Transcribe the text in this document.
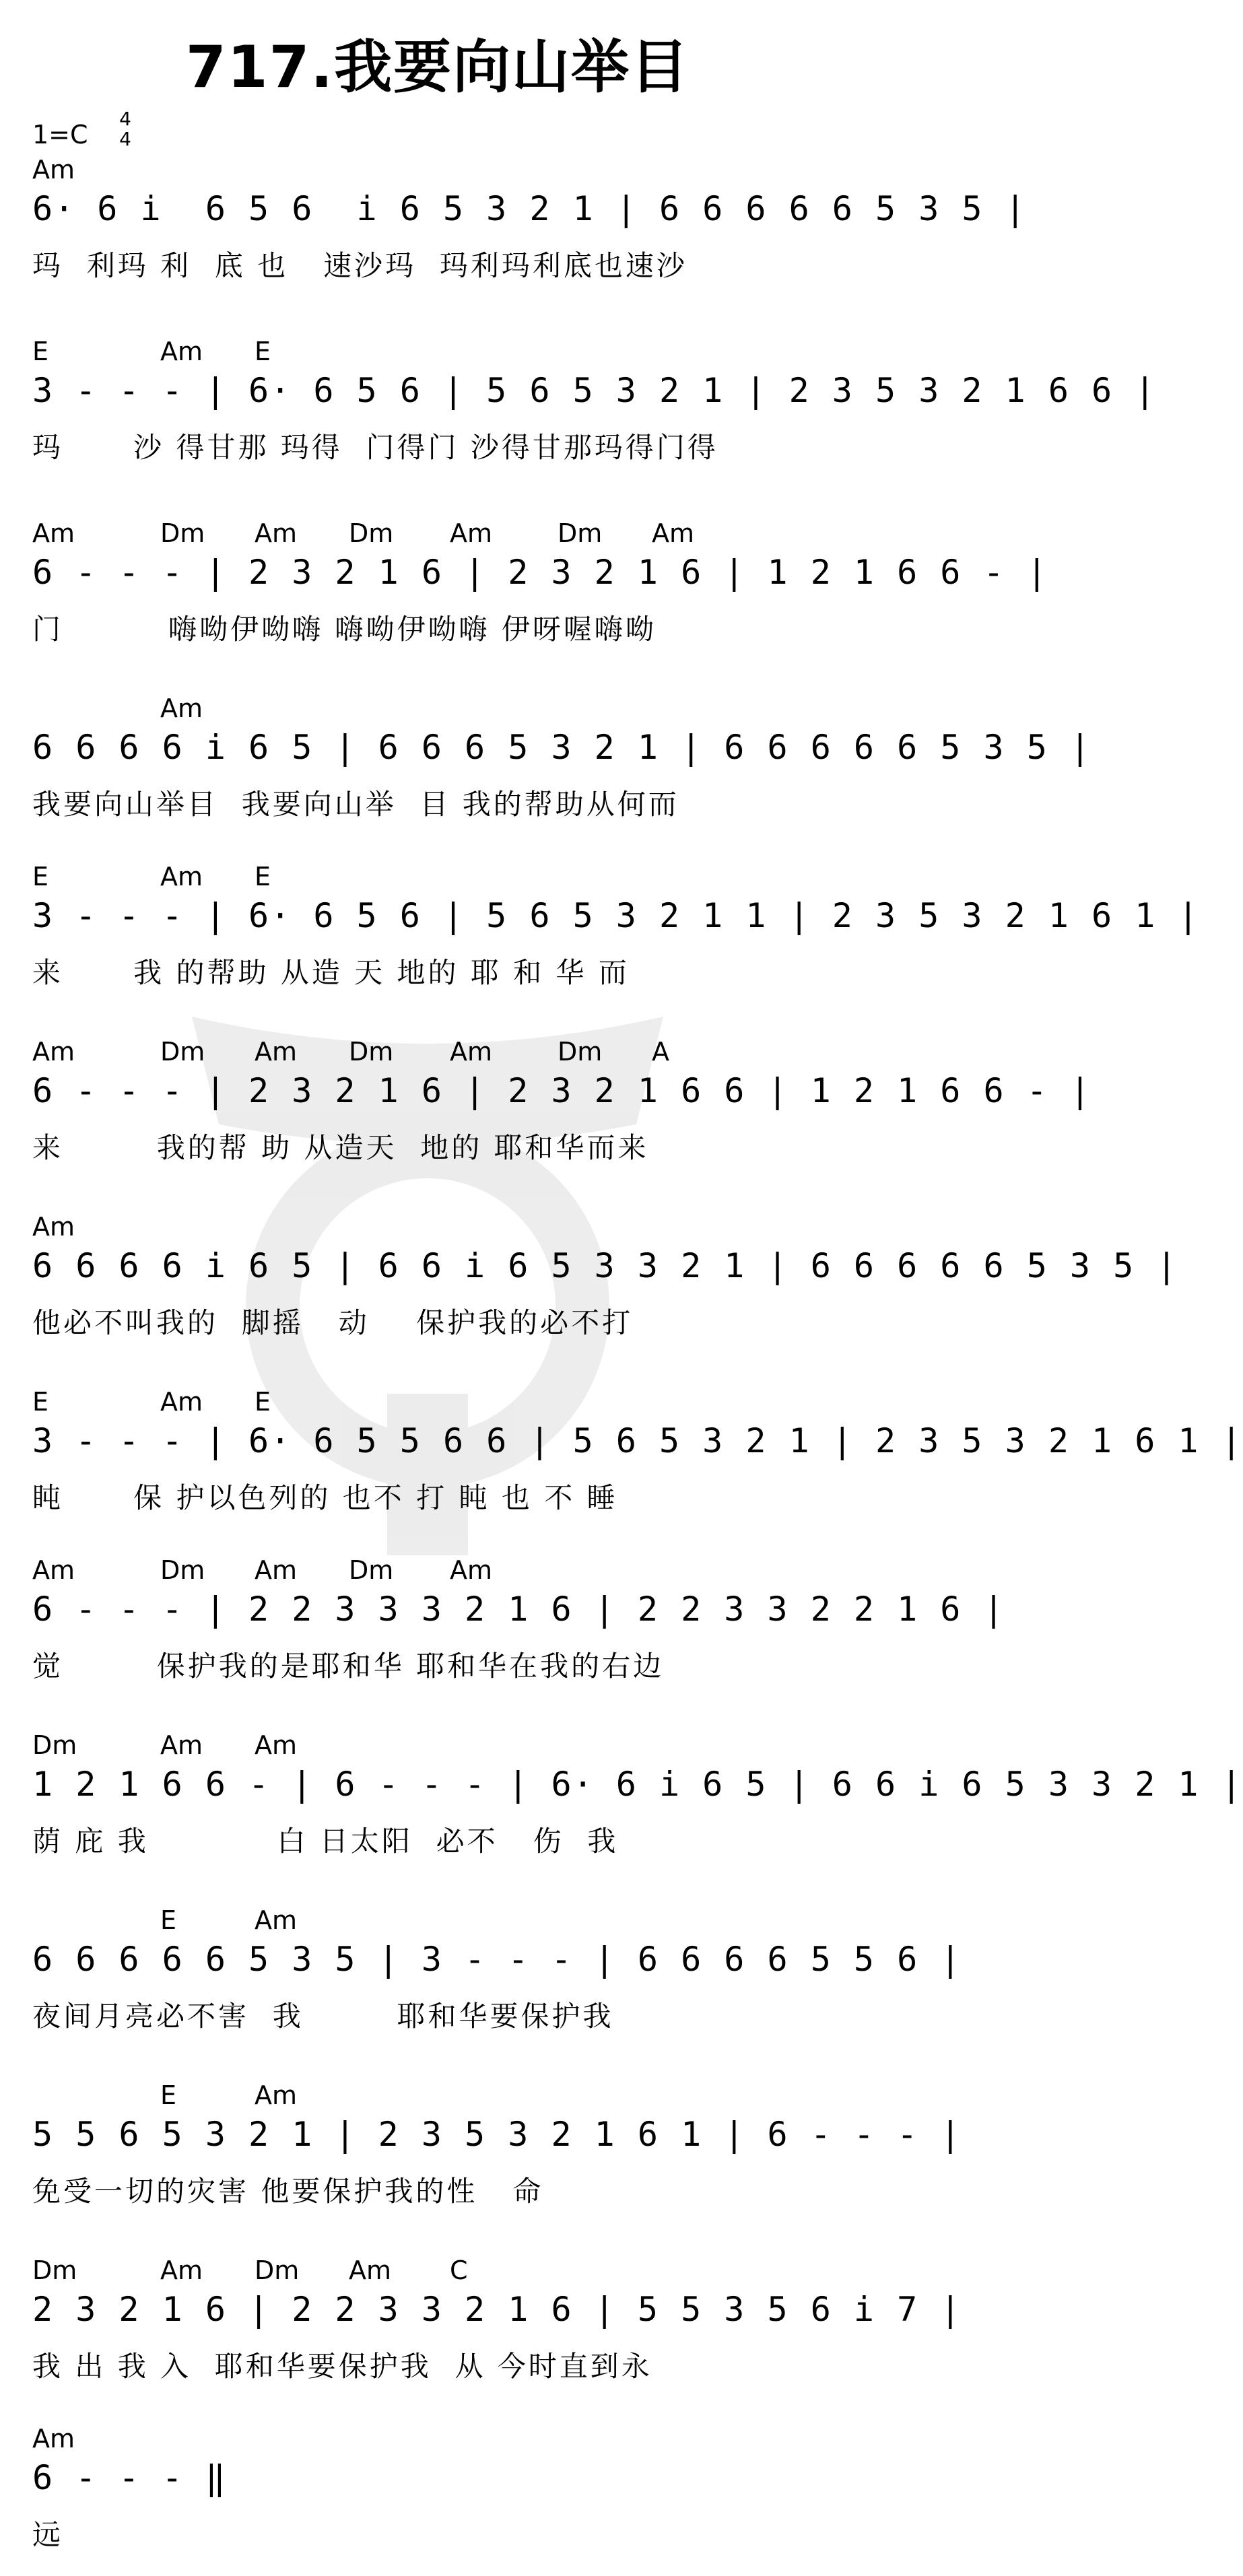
717.我要向山举目
1=C
4
4
Am
6· 6 i  6 5 6  i 6 5 3 2 1 | 6 6 6 6 6 5 3 5 |
玛  利玛 利  底 也   速沙玛  玛利玛利底也速沙
E	Am E
3 - - - | 6· 6 5 6 | 5 6 5 3 2 1 | 2 3 5 3 2 1 6 6 |
玛      沙 得甘那 玛得  门得门 沙得甘那玛得门得
Am	Dm Am Dm Am	Dm Am
6 - - - | 2 3 2 1 6 | 2 3 2 1 6 | 1 2 1 6 6 - |
门         嗨呦伊呦嗨 嗨呦伊呦嗨 伊呀喔嗨呦
Am
6 6 6 6 i 6 5 | 6 6 6 5 3 2 1 | 6 6 6 6 6 5 3 5 |
我要向山举目  我要向山举  目 我的帮助从何而
E	Am E
3 - - - | 6· 6 5 6 | 5 6 5 3 2 1 1 | 2 3 5 3 2 1 6 1 |
来      我 的帮助 从造 天 地的 耶 和 华 而
Am	Dm Am Dm Am	Dm A
6 - - - | 2 3 2 1 6 | 2 3 2 1 6 6 | 1 2 1 6 6 - |
来        我的帮 助 从造天  地的 耶和华而来
Am
6 6 6 6 i 6 5 | 6 6 i 6 5 3 3 2 1 | 6 6 6 6 6 5 3 5 |
他必不叫我的  脚摇   动    保护我的必不打
E	Am E
3 - - - | 6· 6 5 5 6 6 | 5 6 5 3 2 1 | 2 3 5 3 2 1 6 1 |
盹      保 护以色列的 也不 打 盹 也 不 睡
Am	Dm Am Dm Am
6 - - - | 2 2 3 3 3 2 1 6 | 2 2 3 3 2 2 1 6 |
觉        保护我的是耶和华 耶和华在我的右边
Dm	Am Am
1 2 1 6 6 - | 6 - - - | 6· 6 i 6 5 | 6 6 i 6 5 3 3 2 1 |
荫 庇 我           白 日太阳  必不   伤  我
E	Am
6 6 6 6 6 5 3 5 | 3 - - - | 6 6 6 6 5 5 6 |
夜间月亮必不害  我        耶和华要保护我
E	Am
5 5 6 5 3 2 1 | 2 3 5 3 2 1 6 1 | 6 - - - |
免受一切的灾害 他要保护我的性   命
Dm	Am Dm Am C
2 3 2 1 6 | 2 2 3 3 2 1 6 | 5 5 3 5 6 i 7 |
我 出 我 入  耶和华要保护我  从 今时直到永
Am
6 - - - ‖
远
